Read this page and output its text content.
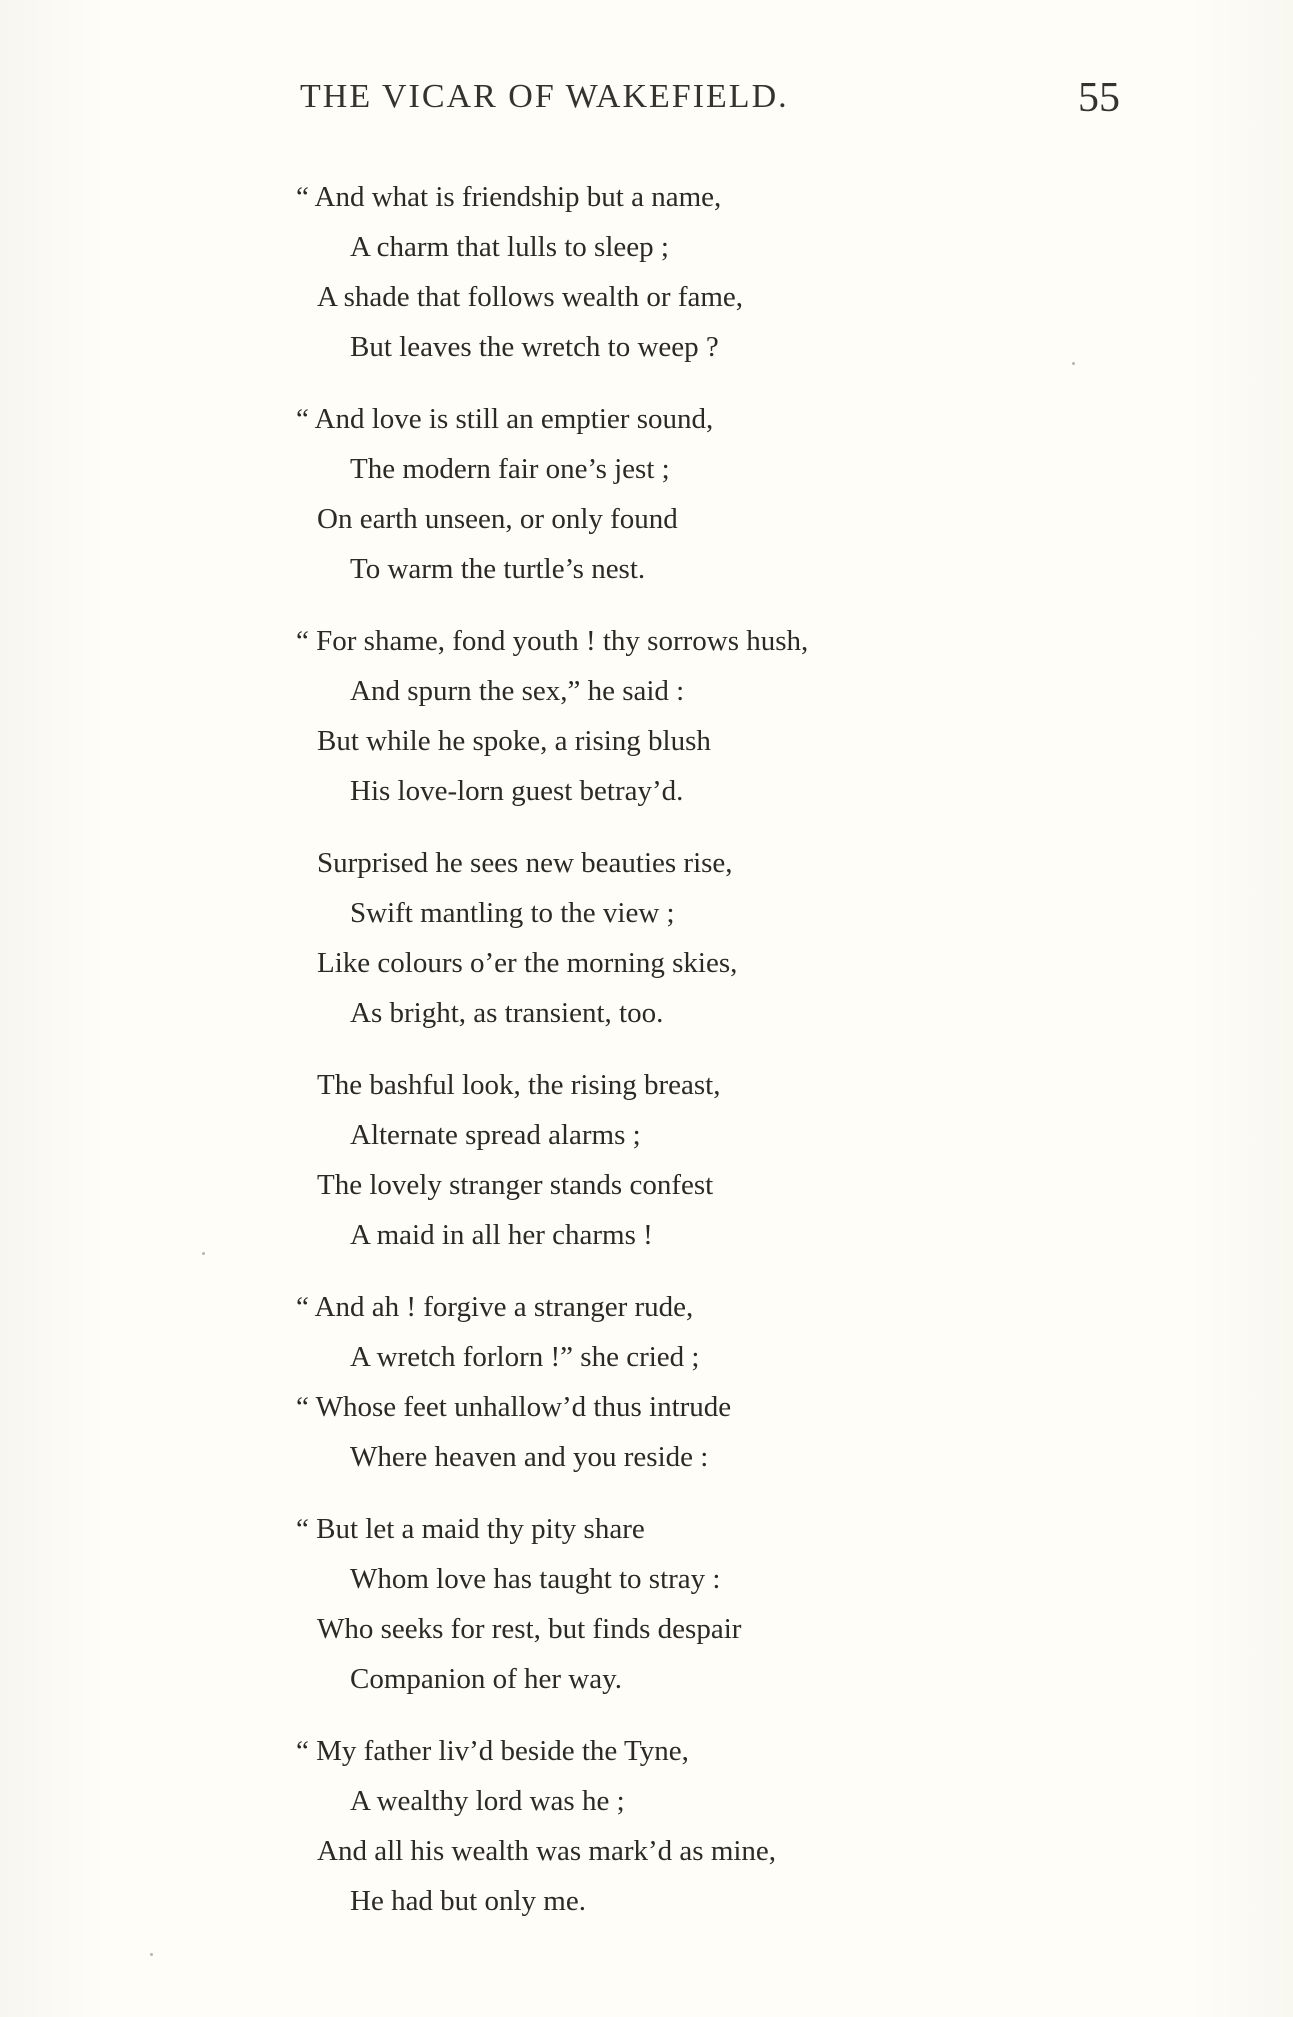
THE VICAR OF WAKEFIELD.	55
“ And what is friendship but a name,
A charm that lulls to sleep ;
A shade that follows wealth or fame,
But leaves the wretch to weep ?
“ And love is still an emptier sound,
The modern fair one’s jest ;
On earth unseen, or only found
To warm the turtle’s nest.
“ For shame, fond youth ! thy sorrows hush,
And spurn the sex,” he said :
But while he spoke, a rising blush
His love-lorn guest betray’d.
Surprised he sees new beauties rise,
Swift mantling to the view ;
Like colours o’er the morning skies,
As bright, as transient, too.
The bashful look, the rising breast,
Alternate spread alarms ;
The lovely stranger stands confest
A maid in all her charms !
“ And ah ! forgive a stranger rude,
A wretch forlorn !” she cried ;
“ Whose feet unhallow’d thus intrude
Where heaven and you reside :
“ But let a maid thy pity share
Whom love has taught to stray :
Who seeks for rest, but finds despair
Companion of her way.
“ My father liv’d beside the Tyne,
A wealthy lord was he ;
And all his wealth was mark’d as mine,
He had but only me.
